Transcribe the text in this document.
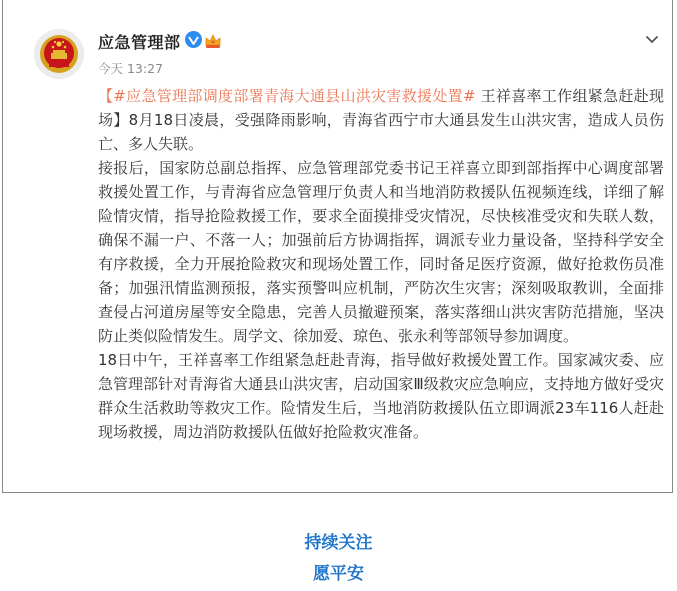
应急管理部
今天 13:27

【#应急管理部调度部署青海大通县山洪灾害救援处置# 王祥喜率工作组紧急赶赴现场】8月18日凌晨，受强降雨影响，青海省西宁市大通县发生山洪灾害，造成人员伤亡、多人失联。

接报后，国家防总副总指挥、应急管理部党委书记王祥喜立即到部指挥中心调度部署救援处置工作，与青海省应急管理厅负责人和当地消防救援队伍视频连线，详细了解险情灾情，指导抢险救援工作，要求全面摸排受灾情况，尽快核准受灾和失联人数，确保不漏一户、不落一人；加强前后方协调指挥，调派专业力量设备，坚持科学安全有序救援，全力开展抢险救灾和现场处置工作，同时备足医疗资源，做好抢救伤员准备；加强汛情监测预报，落实预警叫应机制，严防次生灾害；深刻吸取教训，全面排查侵占河道房屋等安全隐患，完善人员撤避预案，落实落细山洪灾害防范措施，坚决防止类似险情发生。周学文、徐加爱、琼色、张永利等部领导参加调度。

18日中午，王祥喜率工作组紧急赶赴青海，指导做好救援处置工作。国家减灾委、应急管理部针对青海省大通县山洪灾害，启动国家Ⅲ级救灾应急响应，支持地方做好受灾群众生活救助等救灾工作。险情发生后，当地消防救援队伍立即调派23车116人赶赴现场救援，周边消防救援队伍做好抢险救灾准备。

持续关注
愿平安
